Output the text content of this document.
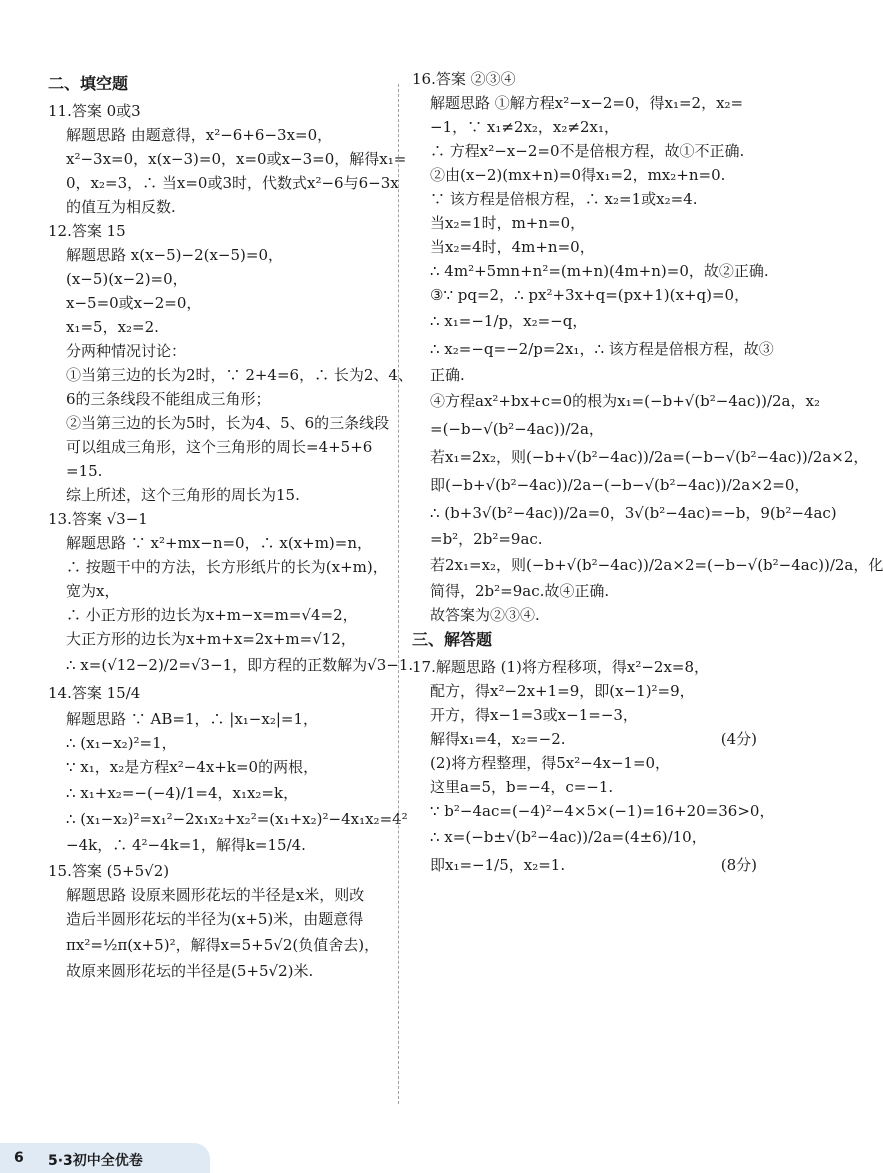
二、填空题
11.答案 0或3
解题思路 由题意得，x²−6+6−3x=0，
x²−3x=0，x(x−3)=0，x=0或x−3=0，解得x₁=
0，x₂=3，∴ 当x=0或3时，代数式x²−6与6−3x
的值互为相反数.
12.答案 15
解题思路 x(x−5)−2(x−5)=0，
(x−5)(x−2)=0，
x−5=0或x−2=0，
x₁=5，x₂=2.
分两种情况讨论：
①当第三边的长为2时，∵ 2+4=6，∴ 长为2、4、
6的三条线段不能组成三角形；
②当第三边的长为5时，长为4、5、6的三条线段
可以组成三角形，这个三角形的周长=4+5+6
=15.
综上所述，这个三角形的周长为15.
13.答案 √3−1
解题思路 ∵ x²+mx−n=0，∴ x(x+m)=n，
∴ 按题干中的方法，长方形纸片的长为(x+m)，
宽为x，
∴ 小正方形的边长为x+m−x=m=√4=2，
大正方形的边长为x+m+x=2x+m=√12，
∴ x=(√12−2)/2=√3−1，即方程的正数解为√3−1.
14.答案 15/4
解题思路 ∵ AB=1，∴ |x₁−x₂|=1，
∴ (x₁−x₂)²=1，
∵ x₁，x₂是方程x²−4x+k=0的两根，
∴ x₁+x₂=−(−4)/1=4，x₁x₂=k，
∴ (x₁−x₂)²=x₁²−2x₁x₂+x₂²=(x₁+x₂)²−4x₁x₂=4²
−4k，∴ 4²−4k=1，解得k=15/4.
15.答案 (5+5√2)
解题思路 设原来圆形花坛的半径是x米，则改
造后半圆形花坛的半径为(x+5)米，由题意得
πx²=½π(x+5)²，解得x=5+5√2(负值舍去)，
故原来圆形花坛的半径是(5+5√2)米.
16.答案 ②③④
解题思路 ①解方程x²−x−2=0，得x₁=2，x₂=
−1，∵ x₁≠2x₂，x₂≠2x₁，
∴ 方程x²−x−2=0不是倍根方程，故①不正确.
②由(x−2)(mx+n)=0得x₁=2，mx₂+n=0.
∵ 该方程是倍根方程，∴ x₂=1或x₂=4.
当x₂=1时，m+n=0，
当x₂=4时，4m+n=0，
∴ 4m²+5mn+n²=(m+n)(4m+n)=0，故②正确.
③∵ pq=2，∴ px²+3x+q=(px+1)(x+q)=0，
∴ x₁=−1/p，x₂=−q，
∴ x₂=−q=−2/p=2x₁，∴ 该方程是倍根方程，故③
正确.
④方程ax²+bx+c=0的根为x₁=(−b+√(b²−4ac))/2a，x₂
=(−b−√(b²−4ac))/2a，
若x₁=2x₂，则(−b+√(b²−4ac))/2a=(−b−√(b²−4ac))/2a×2，
即(−b+√(b²−4ac))/2a−(−b−√(b²−4ac))/2a×2=0，
∴ (b+3√(b²−4ac))/2a=0，3√(b²−4ac)=−b，9(b²−4ac)
=b²，2b²=9ac.
若2x₁=x₂，则(−b+√(b²−4ac))/2a×2=(−b−√(b²−4ac))/2a，化
简得，2b²=9ac.故④正确.
故答案为②③④.
三、解答题
17.解题思路 (1)将方程移项，得x²−2x=8，
配方，得x²−2x+1=9，即(x−1)²=9，
开方，得x−1=3或x−1=−3，
解得x₁=4，x₂=−2.	(4分)
(2)将方程整理，得5x²−4x−1=0，
这里a=5，b=−4，c=−1.
∵ b²−4ac=(−4)²−4×5×(−1)=16+20=36>0，
∴ x=(−b±√(b²−4ac))/2a=(4±6)/10，
即x₁=−1/5，x₂=1.	(8分)
6 5·3初中全优卷
